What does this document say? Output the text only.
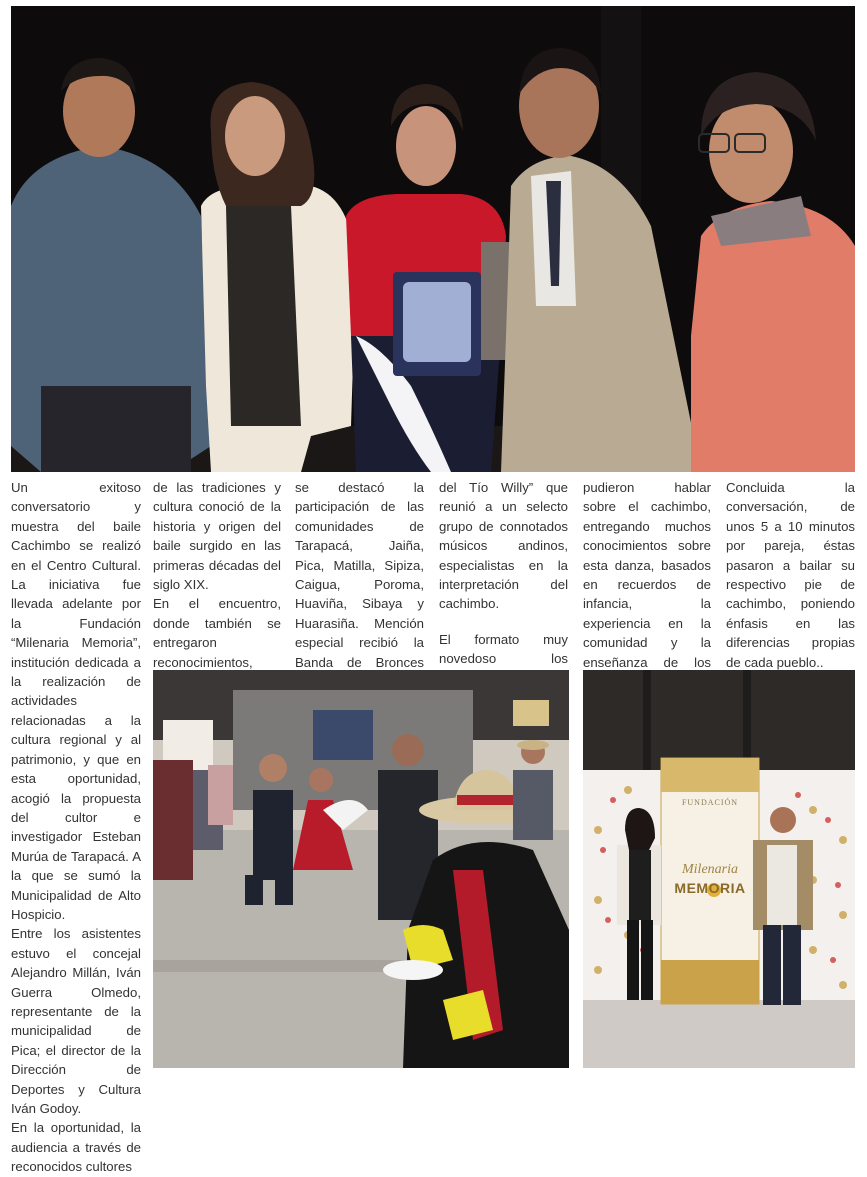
Un exitoso conversatorio y muestra del baile Cachimbo se realizó en el Centro Cultural. La iniciativa fue llevada adelante por la Fundación “Milenaria Memoria”, institución dedicada a la realización de actividades relacionadas a la cultura regional y al patrimonio, y que en esta oportunidad, acogió la propuesta del cultor e investigador Esteban Murúa de Tarapacá. A la que se sumó la Municipalidad de Alto Hospicio.

Entre los asistentes estuvo el concejal Alejandro Millán, Iván Guerra Olmedo, representante de la municipalidad de Pica; el director de la Dirección de Deportes y Cultura Iván Godoy.

En la oportunidad, la audiencia a través de reconocidos cultores

de las tradiciones y cultura conoció de la historia y origen del baile surgido en las primeras décadas del siglo XIX.

En el encuentro, donde también se entregaron reconocimientos,

se destacó la participación de las comunidades de Tarapacá, Jaiña, Pica, Matilla, Sipiza, Caigua, Poroma, Huaviña, Sibaya y Huarasiña. Mención especial recibió la Banda de Bronces

del Tío Willy” que reunió a un selecto grupo de connotados músicos andinos, especialistas en la interpretación del cachimbo.

El formato muy novedoso los

pudieron hablar sobre el cachimbo, entregando muchos conocimientos sobre esta danza, basados en recuerdos de infancia, la experiencia en la comunidad y la enseñanza de los

Concluida la conversación, de unos 5 a 10 minutos por pareja, éstas pasaron a bailar su respectivo pie de cachimbo, poniendo énfasis en las diferencias propias de cada pueblo..

FUNDACIÓN
Milenaria
MEMORIA
